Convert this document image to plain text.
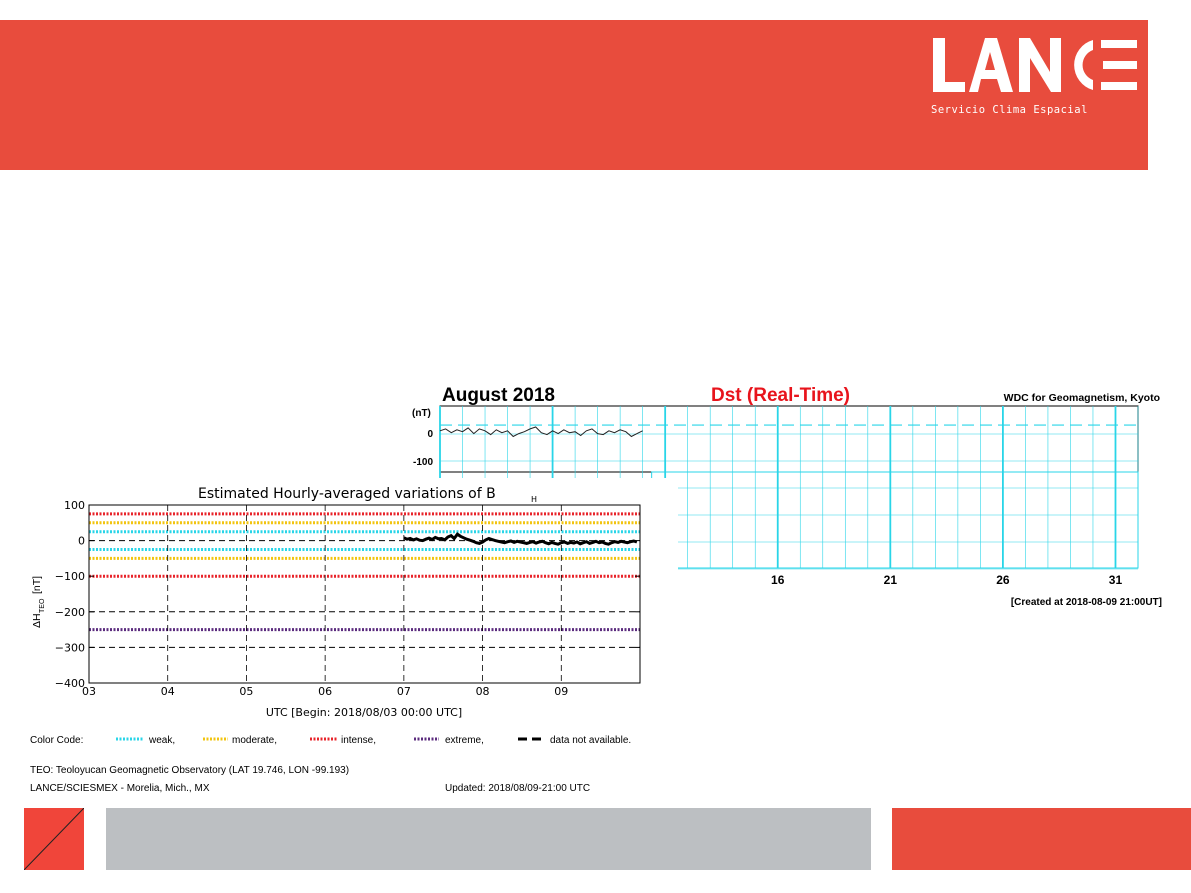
Servicio Clima Espacial
August 2018	Dst (Real-Time)	WDC for Geomagnetism, Kyoto
(nT)
0
-100
16	21	26	31
[Created at 2018-08-09 21:00UT]
Estimated Hourly-averaged variations of B	H
100
0
−100
−200
−300
−400
03	04	05	06	07	08	09
ΔH
TEO
[nT]
UTC [Begin: 2018/08/03 00:00 UTC]
Color Code:	weak,	moderate,	intense,	extreme,	data not available.
TEO: Teoloyucan Geomagnetic Observatory (LAT 19.746, LON -99.193)
LANCE/SCIESMEX - Morelia, Mich., MX	Updated: 2018/08/09-21:00 UTC
